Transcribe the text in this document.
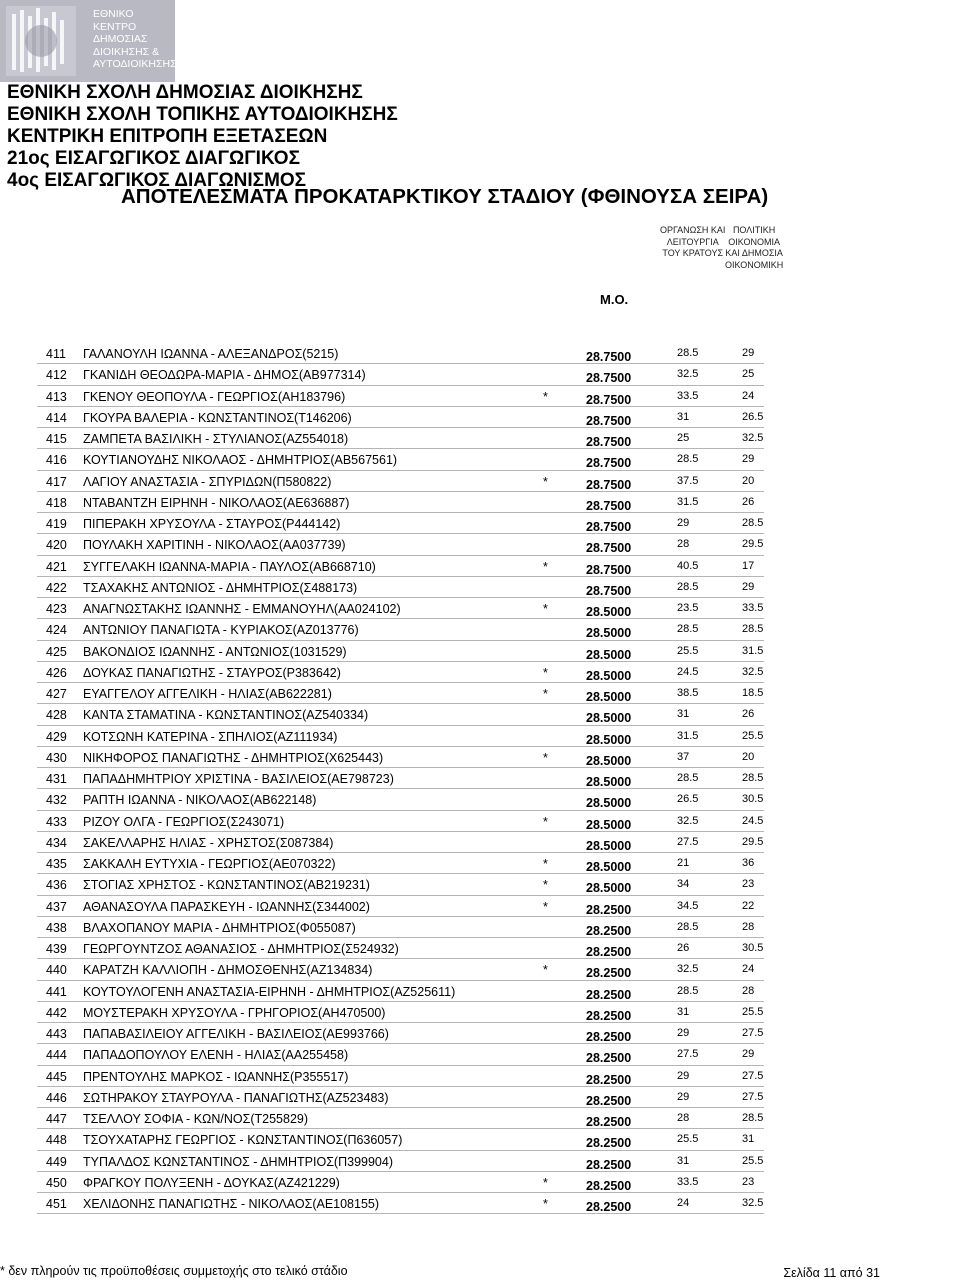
ΕΘΝΙΚΟ
ΚΕΝΤΡΟ
ΔΗΜΟΣΙΑΣ
ΔΙΟΙΚΗΣΗΣ &
ΑΥΤΟΔΙΟΙΚΗΣΗΣ
ΕΘΝΙΚΗ ΣΧΟΛΗ ΔΗΜΟΣΙΑΣ ΔΙΟΙΚΗΣΗΣ
ΕΘΝΙΚΗ ΣΧΟΛΗ ΤΟΠΙΚΗΣ ΑΥΤΟΔΙΟΙΚΗΣΗΣ
ΚΕΝΤΡΙΚΗ ΕΠΙΤΡΟΠΗ ΕΞΕΤΑΣΕΩΝ
21ος ΕΙΣΑΓΩΓΙΚΟΣ ΔΙΑΓΩΓΙΚΟΣ
4ος ΕΙΣΑΓΩΓΙΚΟΣ ΔΙΑΓΩΝΙΣΜΟΣ
ΑΠΟΤΕΛΕΣΜΑΤΑ ΠΡΟΚΑΤΑΡΚΤΙΚΟΥ ΣΤΑΔΙΟΥ (ΦΘΙΝΟΥΣΑ ΣΕΙΡΑ)
ΟΡΓΑΝΩΣΗ ΚΑΙ
ΛΕΙΤΟΥΡΓΙΑ
ΤΟΥ ΚΡΑΤΟΥΣ
ΠΟΛΙΤΙΚΗ
ΟΙΚΟΝΟΜΙΑ
ΚΑΙ ΔΗΜΟΣΙΑ
ΟΙΚΟΝΟΜΙΚΗ
Μ.Ο.
411 ΓΑΛΑΝΟΥΛΗ ΙΩΑΝΝΑ - ΑΛΕΞΑΝΔΡΟΣ(5215)	28.7500	28.5	29
412 ΓΚΑΝΙΔΗ ΘΕΟΔΩΡΑ-ΜΑΡΙΑ - ΔΗΜΟΣ(ΑΒ977314)	28.7500	32.5	25
413 ΓΚΕΝΟΥ ΘΕΟΠΟΥΛΑ - ΓΕΩΡΓΙΟΣ(ΑΗ183796)	*	28.7500	33.5	24
414 ΓΚΟΥΡΑ ΒΑΛΕΡΙΑ - ΚΩΝΣΤΑΝΤΙΝΟΣ(Τ146206)	28.7500	31	26.5
415 ΖΑΜΠΕΤΑ ΒΑΣΙΛΙΚΗ - ΣΤΥΛΙΑΝΟΣ(ΑΖ554018)	28.7500	25	32.5
416 ΚΟΥΤΙΑΝΟΥΔΗΣ ΝΙΚΟΛΑΟΣ - ΔΗΜΗΤΡΙΟΣ(ΑΒ567561)	28.7500	28.5	29
417 ΛΑΓΙΟΥ ΑΝΑΣΤΑΣΙΑ - ΣΠΥΡΙΔΩΝ(Π580822)	*	28.7500	37.5	20
418 ΝΤΑΒΑΝΤΖΗ ΕΙΡΗΝΗ - ΝΙΚΟΛΑΟΣ(ΑΕ636887)	28.7500	31.5	26
419 ΠΙΠΕΡΑΚΗ ΧΡΥΣΟΥΛΑ - ΣΤΑΥΡΟΣ(Ρ444142)	28.7500	29	28.5
420 ΠΟΥΛΑΚΗ ΧΑΡΙΤΙΝΗ - ΝΙΚΟΛΑΟΣ(ΑΑ037739)	28.7500	28	29.5
421 ΣΥΓΓΕΛΑΚΗ ΙΩΑΝΝΑ-ΜΑΡΙΑ - ΠΑΥΛΟΣ(ΑΒ668710)	*	28.7500	40.5	17
422 ΤΣΑΧΑΚΗΣ ΑΝΤΩΝΙΟΣ - ΔΗΜΗΤΡΙΟΣ(Σ488173)	28.7500	28.5	29
423 ΑΝΑΓΝΩΣΤΑΚΗΣ ΙΩΑΝΝΗΣ - ΕΜΜΑΝΟΥΗΛ(ΑΑ024102)	*	28.5000	23.5	33.5
424 ΑΝΤΩΝΙΟΥ ΠΑΝΑΓΙΩΤΑ - ΚΥΡΙΑΚΟΣ(ΑΖ013776)	28.5000	28.5	28.5
425 ΒΑΚΟΝΔΙΟΣ ΙΩΑΝΝΗΣ - ΑΝΤΩΝΙΟΣ(1031529)	28.5000	25.5	31.5
426 ΔΟΥΚΑΣ ΠΑΝΑΓΙΩΤΗΣ - ΣΤΑΥΡΟΣ(Ρ383642)	*	28.5000	24.5	32.5
427 ΕΥΑΓΓΕΛΟΥ ΑΓΓΕΛΙΚΗ - ΗΛΙΑΣ(ΑΒ622281)	*	28.5000	38.5	18.5
428 ΚΑΝΤΑ ΣΤΑΜΑΤΙΝΑ - ΚΩΝΣΤΑΝΤΙΝΟΣ(ΑΖ540334)	28.5000	31	26
429 ΚΟΤΣΩΝΗ ΚΑΤΕΡΙΝΑ - ΣΠΗΛΙΟΣ(ΑΖ111934)	28.5000	31.5	25.5
430 ΝΙΚΗΦΟΡΟΣ ΠΑΝΑΓΙΩΤΗΣ - ΔΗΜΗΤΡΙΟΣ(Χ625443)	*	28.5000	37	20
431 ΠΑΠΑΔΗΜΗΤΡΙΟΥ ΧΡΙΣΤΙΝΑ - ΒΑΣΙΛΕΙΟΣ(ΑΕ798723)	28.5000	28.5	28.5
432 ΡΑΠΤΗ ΙΩΑΝΝΑ - ΝΙΚΟΛΑΟΣ(ΑΒ622148)	28.5000	26.5	30.5
433 ΡΙΖΟΥ ΟΛΓΑ - ΓΕΩΡΓΙΟΣ(Σ243071)	*	28.5000	32.5	24.5
434 ΣΑΚΕΛΛΑΡΗΣ ΗΛΙΑΣ - ΧΡΗΣΤΟΣ(Σ087384)	28.5000	27.5	29.5
435 ΣΑΚΚΑΛΗ ΕΥΤΥΧΙΑ - ΓΕΩΡΓΙΟΣ(ΑΕ070322)	*	28.5000	21	36
436 ΣΤΟΓΙΑΣ ΧΡΗΣΤΟΣ - ΚΩΝΣΤΑΝΤΙΝΟΣ(ΑΒ219231)	*	28.5000	34	23
437 ΑΘΑΝΑΣΟΥΛΑ ΠΑΡΑΣΚΕΥΗ - ΙΩΑΝΝΗΣ(Σ344002)	*	28.2500	34.5	22
438 ΒΛΑΧΟΠΑΝΟΥ ΜΑΡΙΑ - ΔΗΜΗΤΡΙΟΣ(Φ055087)	28.2500	28.5	28
439 ΓΕΩΡΓΟΥΝΤΖΟΣ ΑΘΑΝΑΣΙΟΣ - ΔΗΜΗΤΡΙΟΣ(Σ524932)	28.2500	26	30.5
440 ΚΑΡΑΤΖΗ ΚΑΛΛΙΟΠΗ - ΔΗΜΟΣΘΕΝΗΣ(ΑΖ134834)	*	28.2500	32.5	24
441 ΚΟΥΤΟΥΛΟΓΕΝΗ ΑΝΑΣΤΑΣΙΑ-ΕΙΡΗΝΗ - ΔΗΜΗΤΡΙΟΣ(ΑΖ525611)	28.2500	28.5	28
442 ΜΟΥΣΤΕΡΑΚΗ ΧΡΥΣΟΥΛΑ - ΓΡΗΓΟΡΙΟΣ(ΑΗ470500)	28.2500	31	25.5
443 ΠΑΠΑΒΑΣΙΛΕΙΟΥ ΑΓΓΕΛΙΚΗ - ΒΑΣΙΛΕΙΟΣ(ΑΕ993766)	28.2500	29	27.5
444 ΠΑΠΑΔΟΠΟΥΛΟΥ ΕΛΕΝΗ - ΗΛΙΑΣ(ΑΑ255458)	28.2500	27.5	29
445 ΠΡΕΝΤΟΥΛΗΣ ΜΑΡΚΟΣ - ΙΩΑΝΝΗΣ(Ρ355517)	28.2500	29	27.5
446 ΣΩΤΗΡΑΚΟΥ ΣΤΑΥΡΟΥΛΑ - ΠΑΝΑΓΙΩΤΗΣ(ΑΖ523483)	28.2500	29	27.5
447 ΤΣΕΛΛΟΥ ΣΟΦΙΑ - ΚΩΝ/ΝΟΣ(Τ255829)	28.2500	28	28.5
448 ΤΣΟΥΧΑΤΑΡΗΣ ΓΕΩΡΓΙΟΣ - ΚΩΝΣΤΑΝΤΙΝΟΣ(Π636057)	28.2500	25.5	31
449 ΤΥΠΑΛΔΟΣ ΚΩΝΣΤΑΝΤΙΝΟΣ - ΔΗΜΗΤΡΙΟΣ(Π399904)	28.2500	31	25.5
450 ΦΡΑΓΚΟΥ ΠΟΛΥΞΕΝΗ - ΔΟΥΚΑΣ(ΑΖ421229)	*	28.2500	33.5	23
451 ΧΕΛΙΔΟΝΗΣ ΠΑΝΑΓΙΩΤΗΣ - ΝΙΚΟΛΑΟΣ(ΑΕ108155)	*	28.2500	24	32.5
* δεν πληρούν τις προϋποθέσεις συμμετοχής στο τελικό στάδιο	Σελίδα 11 από 31
